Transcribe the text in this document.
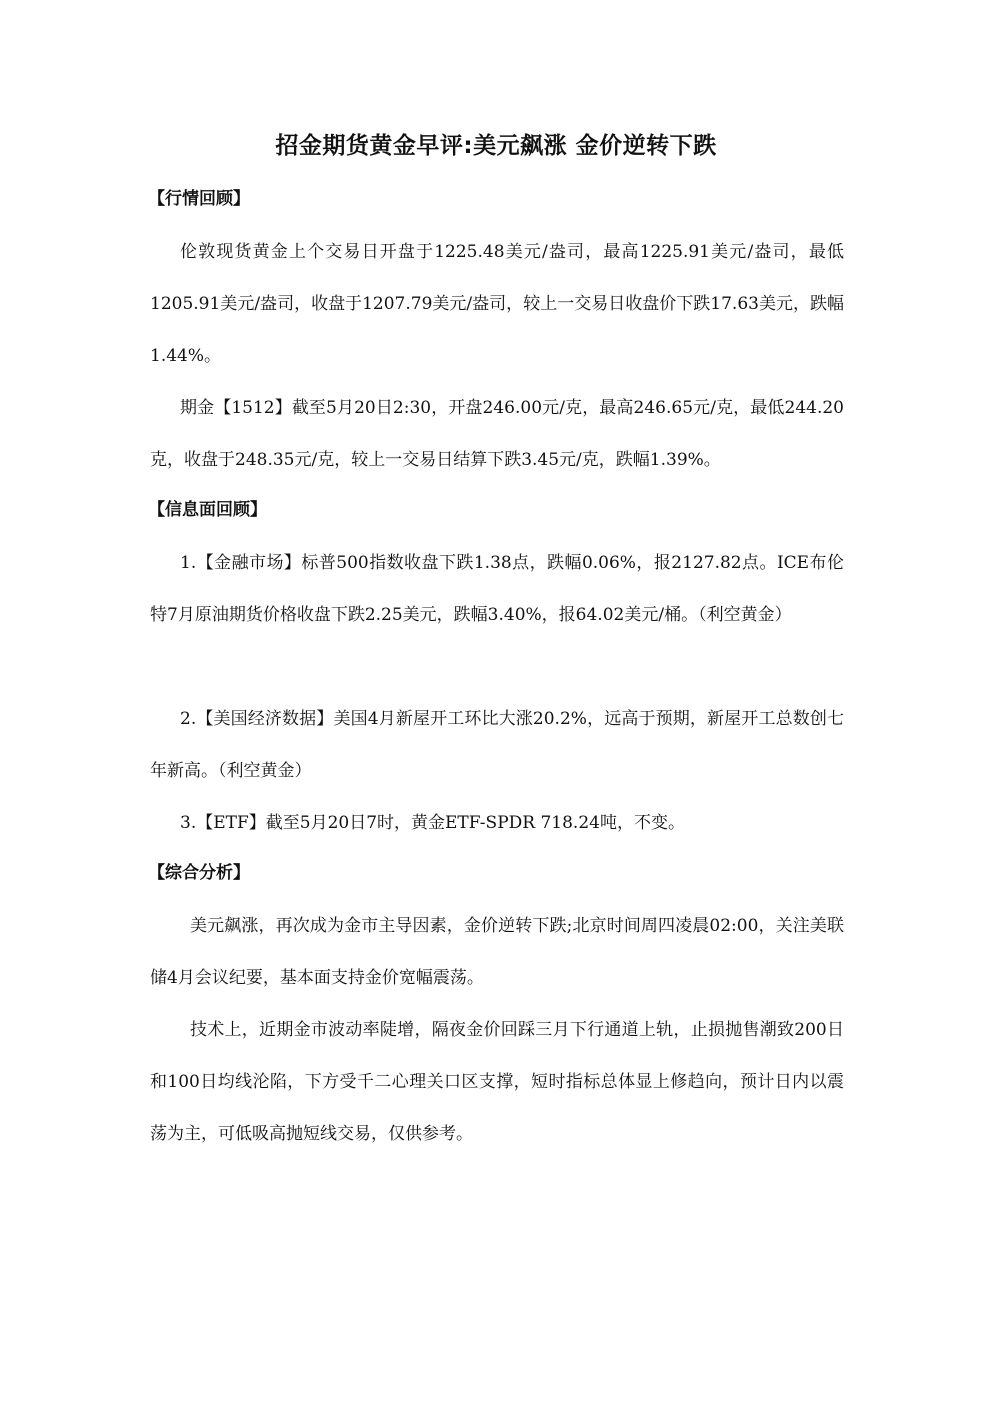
招金期货黄金早评:美元飙涨 金价逆转下跌
【行情回顾】

伦敦现货黄金上个交易日开盘于1225.48美元/盎司，最高1225.91美元/盎司，最低1205.91美元/盎司，收盘于1207.79美元/盎司，较上一交易日收盘价下跌17.63美元，跌幅1.44%。

期金【1512】截至5月20日2:30，开盘246.00元/克，最高246.65元/克，最低244.20克，收盘于248.35元/克，较上一交易日结算下跌3.45元/克，跌幅1.39%。

【信息面回顾】

1.【金融市场】标普500指数收盘下跌1.38点，跌幅0.06%，报2127.82点。ICE布伦特7月原油期货价格收盘下跌2.25美元，跌幅3.40%，报64.02美元/桶。（利空黄金）

2.【美国经济数据】美国4月新屋开工环比大涨20.2%，远高于预期，新屋开工总数创七年新高。（利空黄金）

3.【ETF】截至5月20日7时，黄金ETF-SPDR 718.24吨，不变。

【综合分析】

美元飙涨，再次成为金市主导因素，金价逆转下跌;北京时间周四凌晨02:00，关注美联储4月会议纪要，基本面支持金价宽幅震荡。

技术上，近期金市波动率陡增，隔夜金价回踩三月下行通道上轨，止损抛售潮致200日和100日均线沦陷，下方受千二心理关口区支撑，短时指标总体显上修趋向，预计日内以震荡为主，可低吸高抛短线交易，仅供参考。
